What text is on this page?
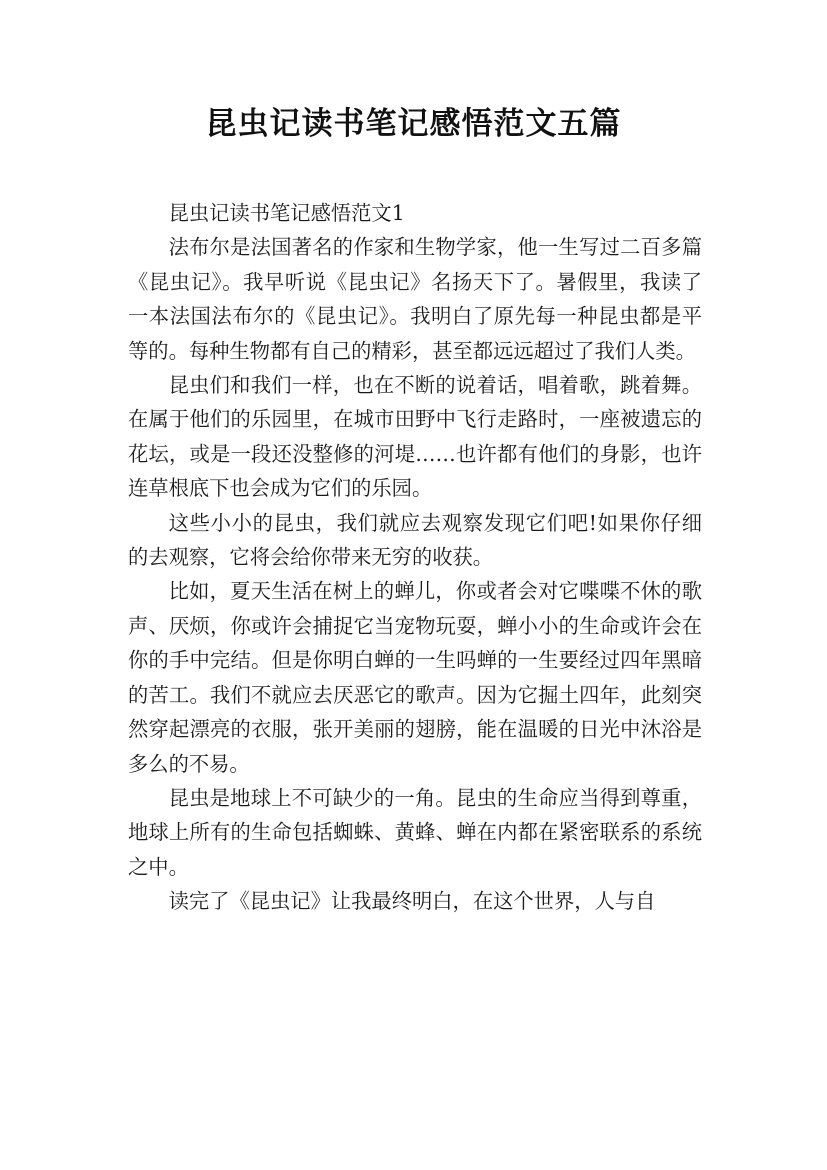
昆虫记读书笔记感悟范文五篇

昆虫记读书笔记感悟范文1

法布尔是法国著名的作家和生物学家，他一生写过二百多篇《昆虫记》。我早听说《昆虫记》名扬天下了。暑假里，我读了一本法国法布尔的《昆虫记》。我明白了原先每一种昆虫都是平等的。每种生物都有自己的精彩，甚至都远远超过了我们人类。

昆虫们和我们一样，也在不断的说着话，唱着歌，跳着舞。在属于他们的乐园里，在城市田野中飞行走路时，一座被遗忘的花坛，或是一段还没整修的河堤……也许都有他们的身影，也许连草根底下也会成为它们的乐园。

这些小小的昆虫，我们就应去观察发现它们吧!如果你仔细的去观察，它将会给你带来无穷的收获。

比如，夏天生活在树上的蝉儿，你或者会对它喋喋不休的歌声、厌烦，你或许会捕捉它当宠物玩耍，蝉小小的生命或许会在你的手中完结。但是你明白蝉的一生吗蝉的一生要经过四年黑暗的苦工。我们不就应去厌恶它的歌声。因为它掘土四年，此刻突然穿起漂亮的衣服，张开美丽的翅膀，能在温暖的日光中沐浴是多么的不易。

昆虫是地球上不可缺少的一角。昆虫的生命应当得到尊重，地球上所有的生命包括蜘蛛、黄蜂、蝉在内都在紧密联系的系统之中。

读完了《昆虫记》让我最终明白，在这个世界，人与自
